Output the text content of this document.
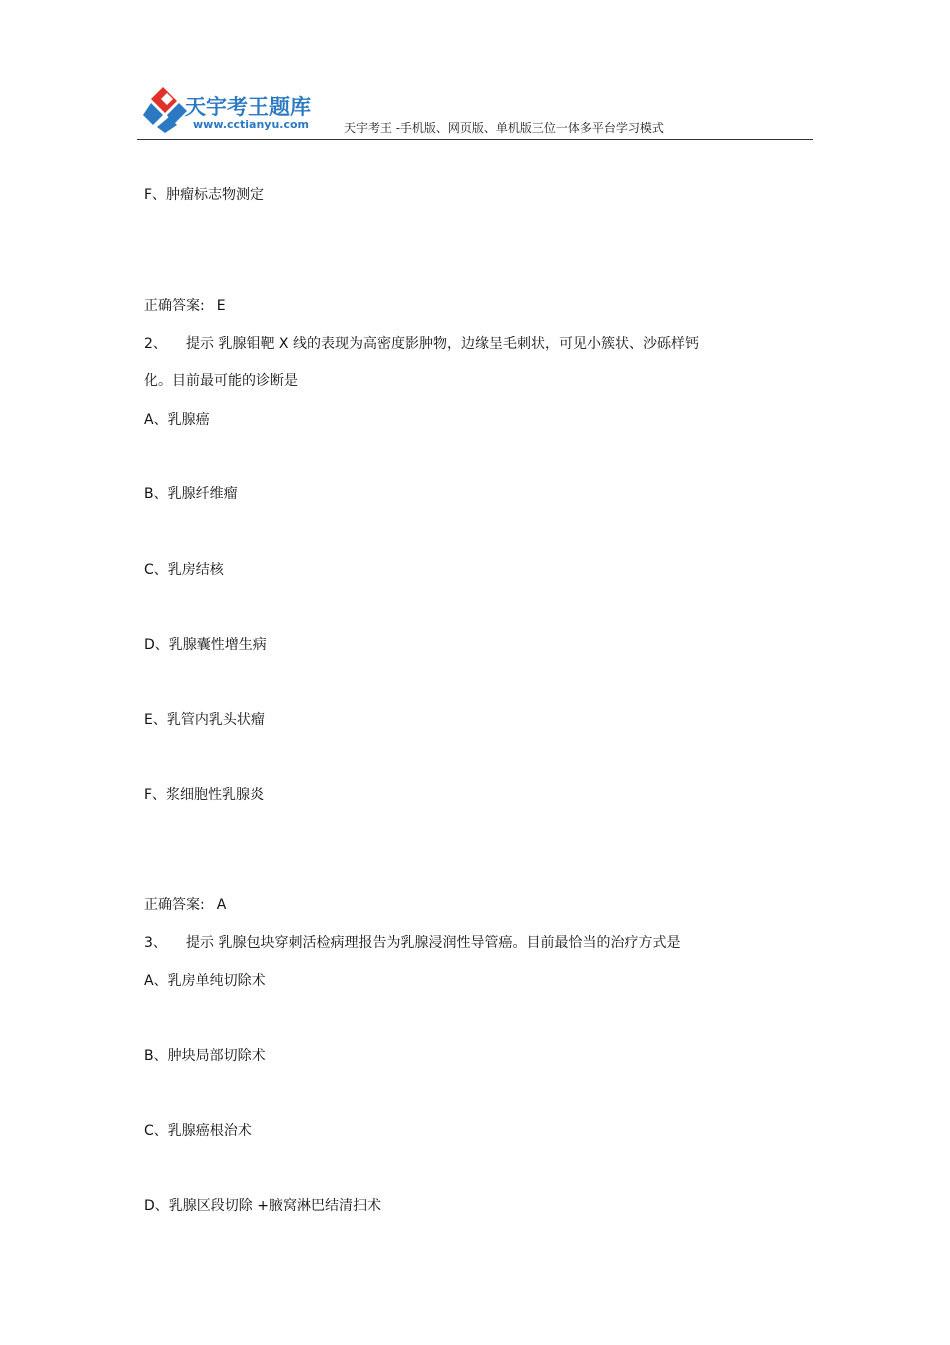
天宇考王题库
www.cctianyu.com	天宇考王 -手机版、网页版、单机版三位一体多平台学习模式
F、肿瘤标志物测定
正确答案: E
2、 提示 乳腺钼靶 X 线的表现为高密度影肿物，边缘呈毛刺状，可见小簇状、沙砾样钙
化。目前最可能的诊断是
A、乳腺癌
B、乳腺纤维瘤
C、乳房结核
D、乳腺囊性增生病
E、乳管内乳头状瘤
F、浆细胞性乳腺炎
正确答案: A
3、 提示 乳腺包块穿刺活检病理报告为乳腺浸润性导管癌。目前最恰当的治疗方式是
A、乳房单纯切除术
B、肿块局部切除术
C、乳腺癌根治术
D、乳腺区段切除 +腋窝淋巴结清扫术
